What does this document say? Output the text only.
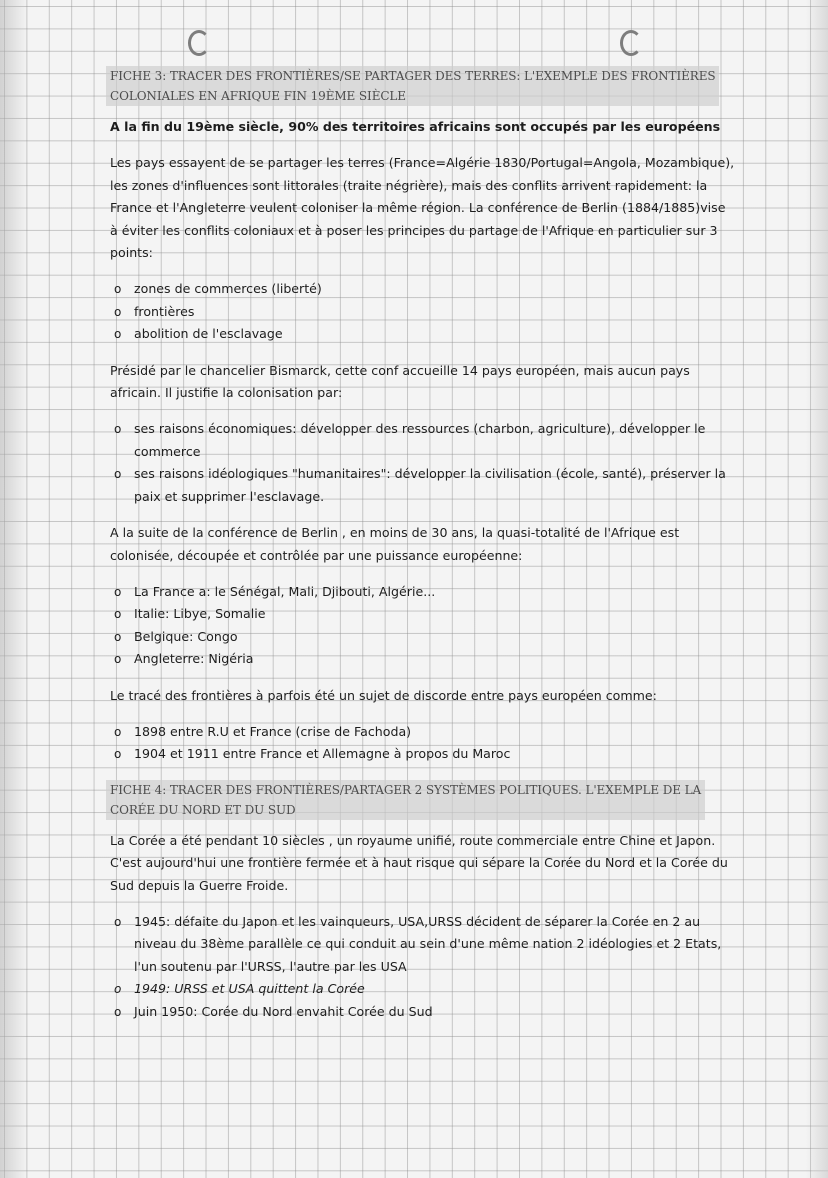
FICHE 3: TRACER DES FRONTIÈRES/SE PARTAGER DES TERRES: L'EXEMPLE DES FRONTIÈRES
COLONIALES EN AFRIQUE FIN 19ÈME SIÈCLE

A la fin du 19ème siècle, 90% des territoires africains sont occupés par les européens

Les pays essayent de se partager les terres (France=Algérie 1830/Portugal=Angola, Mozambique), les zones d'influences sont littorales (traite négrière), mais des conflits arrivent rapidement: la France et l'Angleterre veulent coloniser la même région. La conférence de Berlin (1884/1885)vise à éviter les conflits coloniaux et à poser les principes du partage de l'Afrique en particulier sur 3 points:

o zones de commerces (liberté)
o frontières
o abolition de l'esclavage

Présidé par le chancelier Bismarck, cette conf accueille 14 pays européen, mais aucun pays africain. Il justifie la colonisation par:

o ses raisons économiques: développer des ressources (charbon, agriculture), développer le commerce
o ses raisons idéologiques "humanitaires": développer la civilisation (école, santé), préserver la paix et supprimer l'esclavage.

A la suite de la conférence de Berlin , en moins de 30 ans, la quasi-totalité de l'Afrique est colonisée, découpée et contrôlée par une puissance européenne:

o La France a: le Sénégal, Mali, Djibouti, Algérie...
o Italie: Libye, Somalie
o Belgique: Congo
o Angleterre: Nigéria

Le tracé des frontières à parfois été un sujet de discorde entre pays européen comme:

o 1898 entre R.U et France (crise de Fachoda)
o 1904 et 1911 entre France et Allemagne à propos du Maroc
FICHE 4: TRACER DES FRONTIÈRES/PARTAGER 2 SYSTÈMES POLITIQUES. L'EXEMPLE DE LA
CORÉE DU NORD ET DU SUD

La Corée a été pendant 10 siècles , un royaume unifié, route commerciale entre Chine et Japon. C'est aujourd'hui une frontière fermée et à haut risque qui sépare la Corée du Nord et la Corée du Sud depuis la Guerre Froide.

o 1945: défaite du Japon et les vainqueurs, USA,URSS décident de séparer la Corée en 2 au niveau du 38ème parallèle ce qui conduit au sein d'une même nation 2 idéologies et 2 Etats, l'un soutenu par l'URSS, l'autre par les USA
o 1949: URSS et USA quittent la Corée
o Juin 1950: Corée du Nord envahit Corée du Sud
